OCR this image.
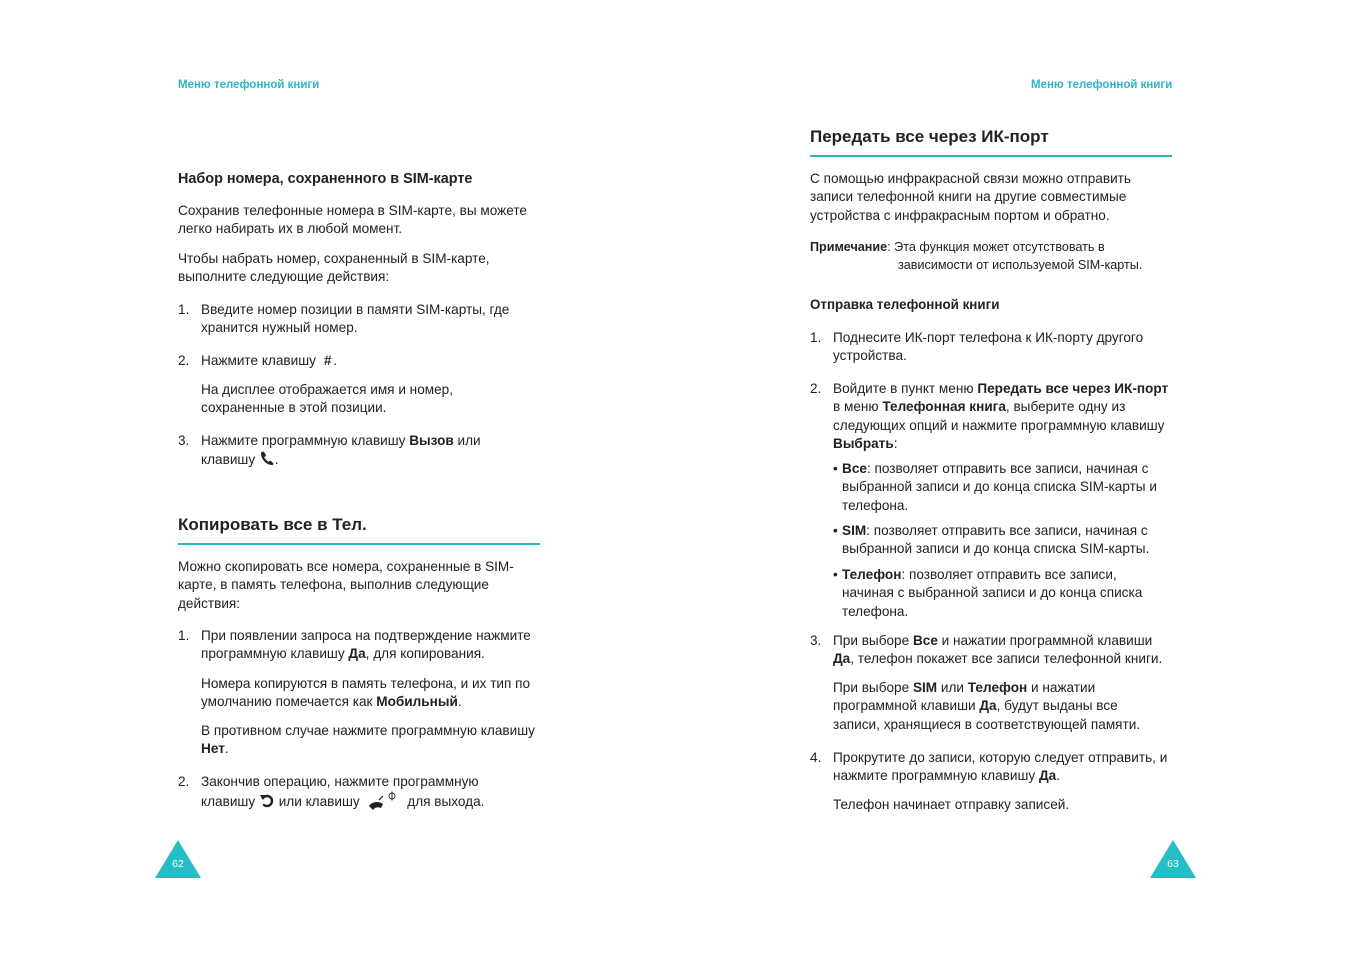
Меню телефонной книги
Набор номера, сохраненного в SIM-карте
Сохранив телефонные номера в SIM-карте, вы можете
легко набирать их в любой момент.
Чтобы набрать номер, сохраненный в SIM-карте,
выполните следующие действия:
1. Введите номер позиции в памяти SIM-карты, где
хранится нужный номер.
2. Нажмите клавишу # .
На дисплее отображается имя и номер,
сохраненные в этой позиции.
3. Нажмите программную клавишу Вызов или
клавишу .
Копировать все в Тел.
Можно скопировать все номера, сохраненные в SIM-
карте, в память телефона, выполнив следующие
действия:
1. При появлении запроса на подтверждение нажмите
программную клавишу Да, для копирования.
Номера копируются в память телефона, и их тип по
умолчанию помечается как Мобильный.
В противном случае нажмите программную клавишу
Нет.
2. Закончив операцию, нажмите программную
клавишу или клавишу	для выхода.
62
Меню телефонной книги
Передать все через ИК-порт
С помощью инфракрасной связи можно отправить
записи телефонной книги на другие совместимые
устройства с инфракрасным портом и обратно.
Примечание: Эта функция может отсутствовать в
зависимости от используемой SIM-карты.
Отправка телефонной книги
1. Поднесите ИК-порт телефона к ИК-порту другого
устройства.
2. Войдите в пункт меню Передать все через ИК-порт
в меню Телефонная книга, выберите одну из
следующих опций и нажмите программную клавишу
Выбрать:
• Все: позволяет отправить все записи, начиная с
выбранной записи и до конца списка SIM-карты и
телефона.
• SIM: позволяет отправить все записи, начиная с
выбранной записи и до конца списка SIM-карты.
• Телефон: позволяет отправить все записи,
начиная с выбранной записи и до конца списка
телефона.
3. При выборе Все и нажатии программной клавиши
Да, телефон покажет все записи телефонной книги.
При выборе SIM или Телефон и нажатии
программной клавиши Да, будут выданы все
записи, хранящиеся в соответствующей памяти.
4. Прокрутите до записи, которую следует отправить, и
нажмите программную клавишу Да.
Телефон начинает отправку записей.
63
